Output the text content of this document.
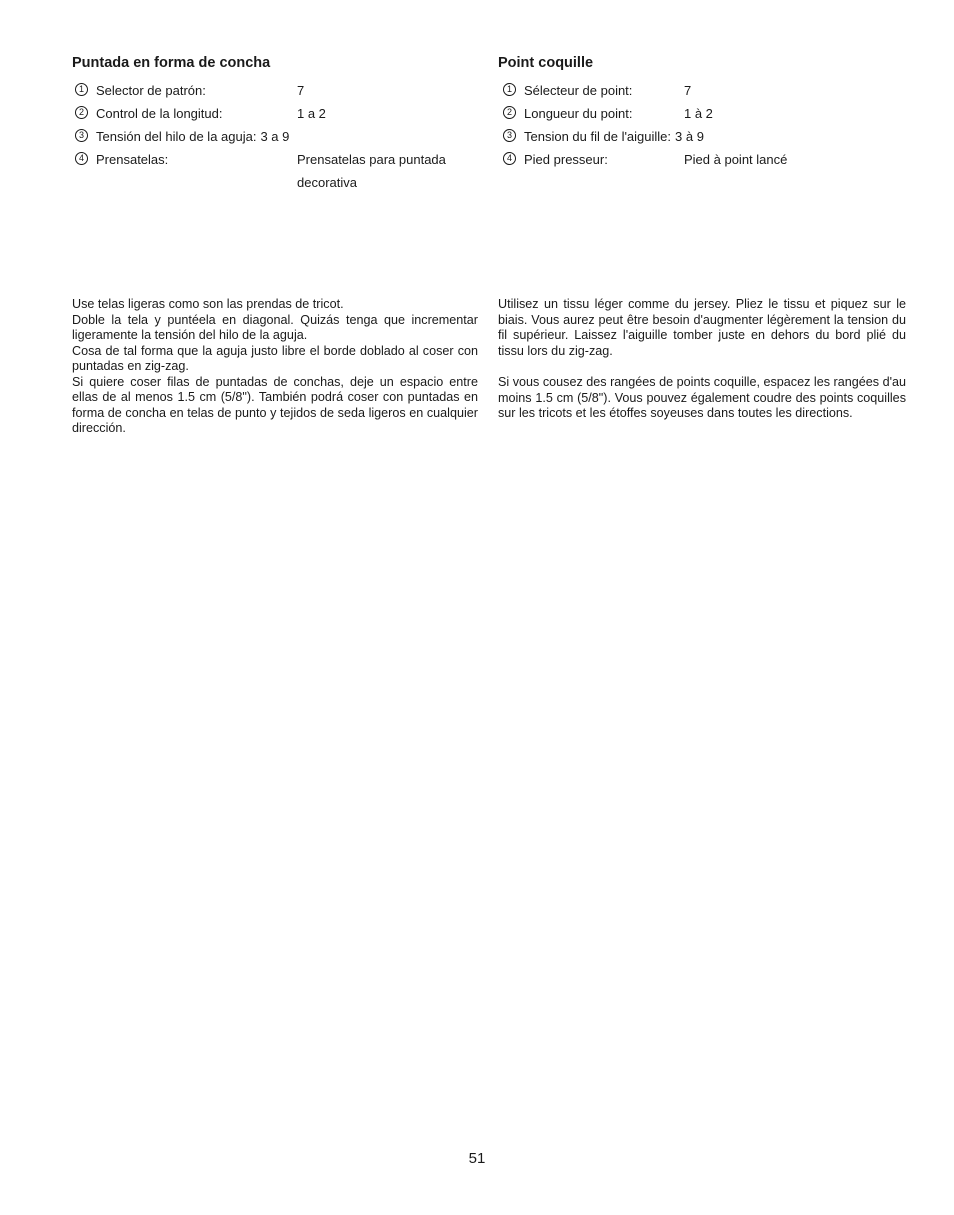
Puntada en forma de concha
1 Selector de patrón:	7
2 Control de la longitud:	1 a 2
3 Tensión del hilo de la aguja: 3 a 9
4 Prensatelas:	Prensatelas para puntada decorativa
Point coquille
1 Sélecteur de point:	7
2 Longueur du point:	1 à 2
3 Tension du fil de l'aiguille: 3 à 9
4 Pied presseur:	Pied à point lancé

Use telas ligeras como son las prendas de tricot.

Doble la tela y puntéela en diagonal. Quizás tenga que incrementar ligeramente la tensión del hilo de la aguja.

Cosa de tal forma que la aguja justo libre el borde doblado al coser con puntadas en zig-zag.

Si quiere coser filas de puntadas de conchas, deje un espacio entre ellas de al menos 1.5 cm (5/8"). También podrá coser con puntadas en forma de concha en telas de punto y tejidos de seda ligeros en cualquier dirección.

Utilisez un tissu léger comme du jersey. Pliez le tissu et piquez sur le biais. Vous aurez peut être besoin d'augmenter légèrement la tension du fil supérieur. Laissez l'aiguille tomber juste en dehors du bord plié du tissu lors du zig-zag.

Si vous cousez des rangées de points coquille, espacez les rangées d'au moins 1.5 cm (5/8"). Vous pouvez également coudre des points coquilles sur les tricots et les étoffes soyeuses dans toutes les directions.

51
